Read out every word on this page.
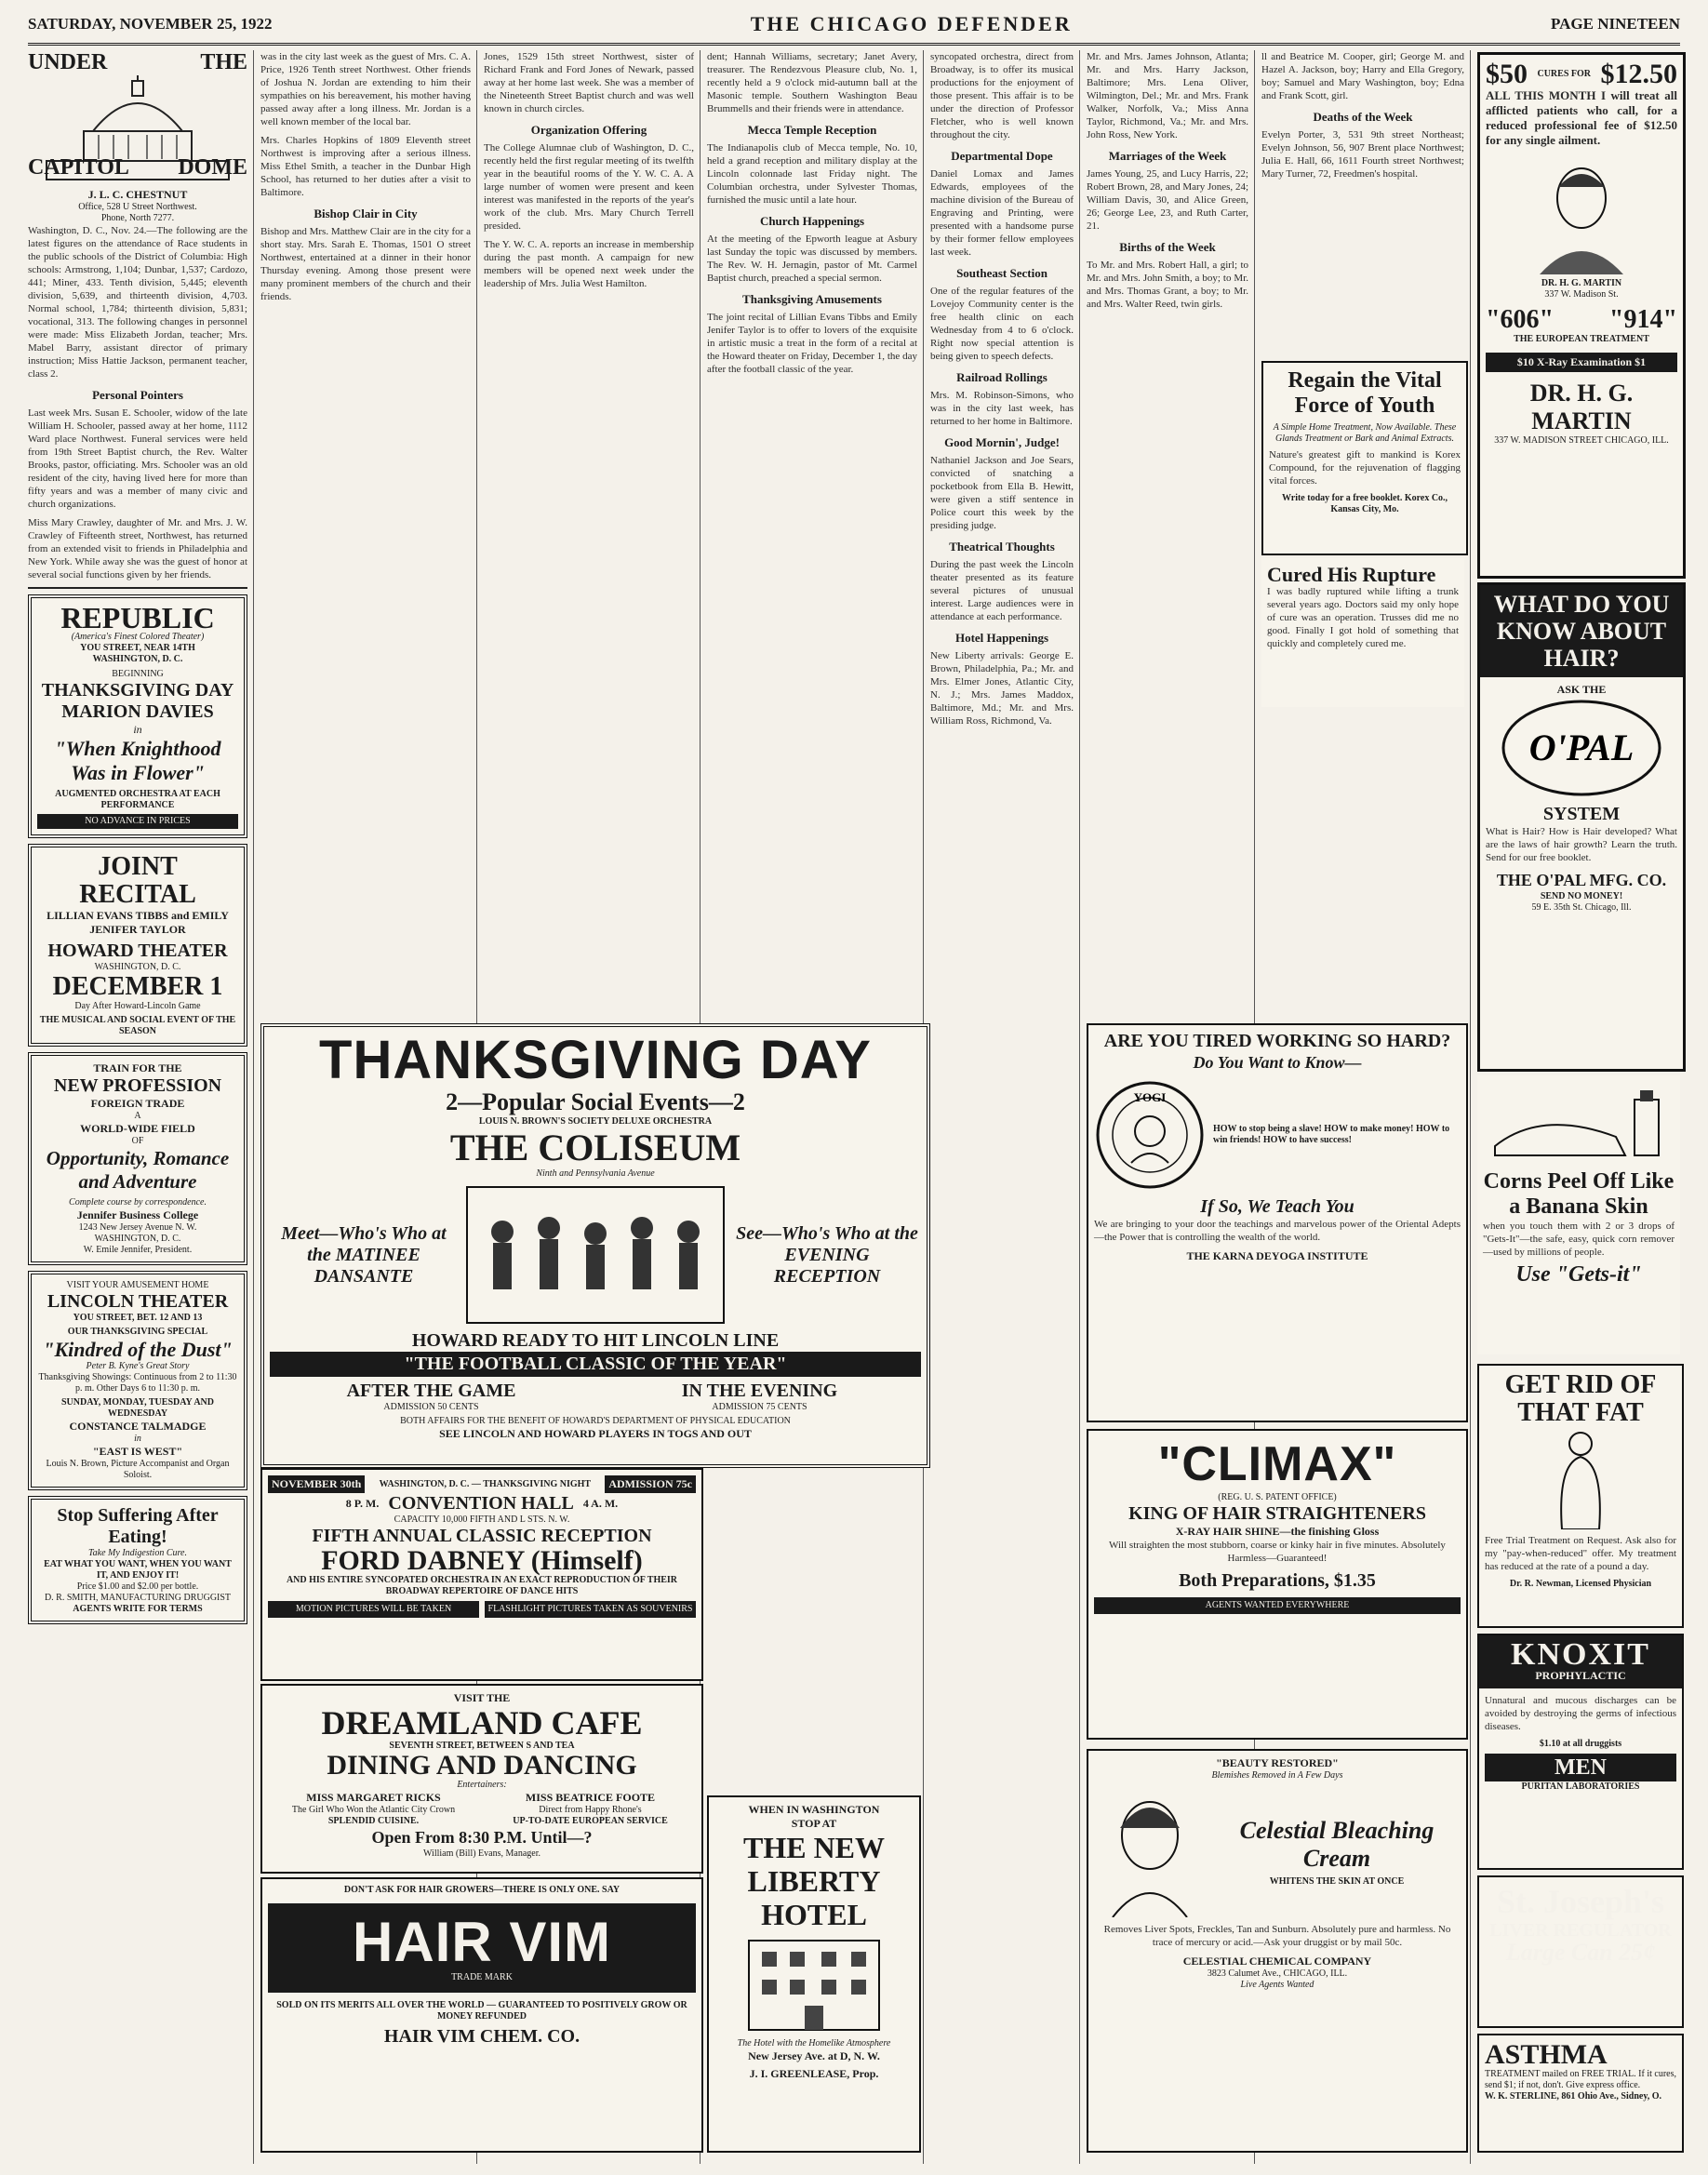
SATURDAY, NOVEMBER 25, 1922	THE CHICAGO DEFENDER	PAGE NINETEEN
UNDER	THE
CAPITOL DOME
J. L. C. CHESTNUT
Office, 528 U Street Northwest.
Phone, North 7277.

Washington, D. C., Nov. 24.—The following are the latest figures on the attendance of Race students in the public schools of the District of Columbia: High schools: Armstrong, 1,104; Dunbar, 1,537; Cardozo, 441; Miner, 433. Tenth division, 5,445; eleventh division, 5,639, and thirteenth division, 4,703. Normal school, 1,784; thirteenth division, 5,831; vocational, 313. The following changes in personnel were made: Miss Elizabeth Jordan, teacher; Mrs. Mabel Barry, assistant director of primary instruction; Miss Hattie Jackson, permanent teacher, class 2.

Personal Pointers

Last week Mrs. Susan E. Schooler, widow of the late William H. Schooler, passed away at her home, 1112 Ward place Northwest. Funeral services were held from 19th Street Baptist church, the Rev. Walter Brooks, pastor, officiating. Mrs. Schooler was an old resident of the city, having lived here for more than fifty years and was a member of many civic and church organizations.

Miss Mary Crawley, daughter of Mr. and Mrs. J. W. Crawley of Fifteenth street, Northwest, has returned from an extended visit to friends in Philadelphia and New York. While away she was the guest of honor at several social functions given by her friends.

REPUBLIC
(America's Finest Colored Theater)
YOU STREET, NEAR 14TH
WASHINGTON, D. C.
BEGINNING
THANKSGIVING DAY
MARION DAVIES
in
"When Knighthood Was in Flower"
AUGMENTED ORCHESTRA AT EACH PERFORMANCE
NO ADVANCE IN PRICES
JOINT RECITAL
LILLIAN EVANS TIBBS and EMILY JENIFER TAYLOR
HOWARD THEATER
WASHINGTON, D. C.
DECEMBER 1
Day After Howard-Lincoln Game
THE MUSICAL AND SOCIAL EVENT OF THE SEASON
TRAIN FOR THE
NEW PROFESSION
FOREIGN TRADE
A
WORLD-WIDE FIELD
OF
Opportunity, Romance and Adventure
Complete course by correspondence.
Jennifer Business College
1243 New Jersey Avenue N. W.
WASHINGTON, D. C.
W. Emile Jennifer, President.
VISIT YOUR AMUSEMENT HOME
LINCOLN THEATER
YOU STREET, BET. 12 AND 13
OUR THANKSGIVING SPECIAL
"Kindred of the Dust"
Peter B. Kyne's Great Story
Thanksgiving Showings: Continuous from 2 to 11:30 p. m. Other Days 6 to 11:30 p. m.
SUNDAY, MONDAY, TUESDAY AND WEDNESDAY
CONSTANCE TALMADGE
in
"EAST IS WEST"
Louis N. Brown, Picture Accompanist and Organ Soloist.
Stop Suffering After Eating!
Take My Indigestion Cure.
EAT WHAT YOU WANT, WHEN YOU WANT IT, AND ENJOY IT!
Price $1.00 and $2.00 per bottle.
D. R. SMITH, MANUFACTURING DRUGGIST
AGENTS WRITE FOR TERMS

was in the city last week as the guest of Mrs. C. A. Price, 1926 Tenth street Northwest. Other friends of Joshua N. Jordan are extending to him their sympathies on his bereavement, his mother having passed away after a long illness. Mr. Jordan is a well known member of the local bar.

Mrs. Charles Hopkins of 1809 Eleventh street Northwest is improving after a serious illness. Miss Ethel Smith, a teacher in the Dunbar High School, has returned to her duties after a visit to Baltimore.

Bishop Clair in City

Bishop and Mrs. Matthew Clair are in the city for a short stay. Mrs. Sarah E. Thomas, 1501 O street Northwest, entertained at a dinner in their honor Thursday evening. Among those present were many prominent members of the church and their friends.

Jones, 1529 15th street Northwest, sister of Richard Frank and Ford Jones of Newark, passed away at her home last week. She was a member of the Nineteenth Street Baptist church and was well known in church circles.

Organization Offering

The College Alumnae club of Washington, D. C., recently held the first regular meeting of its twelfth year in the beautiful rooms of the Y. W. C. A. A large number of women were present and keen interest was manifested in the reports of the year's work of the club. Mrs. Mary Church Terrell presided.

The Y. W. C. A. reports an increase in membership during the past month. A campaign for new members will be opened next week under the leadership of Mrs. Julia West Hamilton.

dent; Hannah Williams, secretary; Janet Avery, treasurer. The Rendezvous Pleasure club, No. 1, recently held a 9 o'clock mid-autumn ball at the Masonic temple. Southern Washington Beau Brummells and their friends were in attendance.

Mecca Temple Reception

The Indianapolis club of Mecca temple, No. 10, held a grand reception and military display at the Lincoln colonnade last Friday night. The Columbian orchestra, under Sylvester Thomas, furnished the music until a late hour.

Church Happenings

At the meeting of the Epworth league at Asbury last Sunday the topic was discussed by members. The Rev. W. H. Jernagin, pastor of Mt. Carmel Baptist church, preached a special sermon.

Thanksgiving Amusements

The joint recital of Lillian Evans Tibbs and Emily Jenifer Taylor is to offer to lovers of the exquisite in artistic music a treat in the form of a recital at the Howard theater on Friday, December 1, the day after the football classic of the year.

syncopated orchestra, direct from Broadway, is to offer its musical productions for the enjoyment of those present. This affair is to be under the direction of Professor Fletcher, who is well known throughout the city.

Departmental Dope

Daniel Lomax and James Edwards, employees of the machine division of the Bureau of Engraving and Printing, were presented with a handsome purse by their former fellow employees last week.

Southeast Section

One of the regular features of the Lovejoy Community center is the free health clinic on each Wednesday from 4 to 6 o'clock. Right now special attention is being given to speech defects.

Railroad Rollings

Mrs. M. Robinson-Simons, who was in the city last week, has returned to her home in Baltimore.

Good Mornin', Judge!

Nathaniel Jackson and Joe Sears, convicted of snatching a pocketbook from Ella B. Hewitt, were given a stiff sentence in Police court this week by the presiding judge.

Theatrical Thoughts

During the past week the Lincoln theater presented as its feature several pictures of unusual interest. Large audiences were in attendance at each performance.

Hotel Happenings

New Liberty arrivals: George E. Brown, Philadelphia, Pa.; Mr. and Mrs. Elmer Jones, Atlantic City, N. J.; Mrs. James Maddox, Baltimore, Md.; Mr. and Mrs. William Ross, Richmond, Va.

Mr. and Mrs. James Johnson, Atlanta; Mr. and Mrs. Harry Jackson, Baltimore; Mrs. Lena Oliver, Wilmington, Del.; Mr. and Mrs. Frank Walker, Norfolk, Va.; Miss Anna Taylor, Richmond, Va.; Mr. and Mrs. John Ross, New York.

Marriages of the Week

James Young, 25, and Lucy Harris, 22; Robert Brown, 28, and Mary Jones, 24; William Davis, 30, and Alice Green, 26; George Lee, 23, and Ruth Carter, 21.

Births of the Week

To Mr. and Mrs. Robert Hall, a girl; to Mr. and Mrs. John Smith, a boy; to Mr. and Mrs. Thomas Grant, a boy; to Mr. and Mrs. Walter Reed, twin girls.

ll and Beatrice M. Cooper, girl; George M. and Hazel A. Jackson, boy; Harry and Ella Gregory, boy; Samuel and Mary Washington, boy; Edna and Frank Scott, girl.

Deaths of the Week

Evelyn Porter, 3, 531 9th street Northeast; Evelyn Johnson, 56, 907 Brent place Northwest; Julia E. Hall, 66, 1611 Fourth street Northwest; Mary Turner, 72, Freedmen's hospital.

Regain the Vital Force of Youth
A Simple Home Treatment, Now Available. These Glands Treatment or Bark and Animal Extracts.

Nature's greatest gift to mankind is Korex Compound, for the rejuvenation of flagging vital forces.

Write today for a free booklet. Korex Co., Kansas City, Mo.
Cured His Rupture

I was badly ruptured while lifting a trunk several years ago. Doctors said my only hope of cure was an operation. Trusses did me no good. Finally I got hold of something that quickly and completely cured me.

ARE YOU TIRED WORKING SO HARD?
Do You Want to Know—
YOGI
HOW to stop being a slave! HOW to make money! HOW to win friends! HOW to have success!
If So, We Teach You

We are bringing to your door the teachings and marvelous power of the Oriental Adepts—the Power that is controlling the wealth of the world.

THE KARNA DEYOGA INSTITUTE
"CLIMAX"
(REG. U. S. PATENT OFFICE)
KING OF HAIR STRAIGHTENERS
X-RAY HAIR SHINE—the finishing Gloss

Will straighten the most stubborn, coarse or kinky hair in five minutes. Absolutely Harmless—Guaranteed!

Both Preparations, $1.35
AGENTS WANTED EVERYWHERE
"BEAUTY RESTORED"
Blemishes Removed in A Few Days
Celestial Bleaching Cream
WHITENS THE SKIN AT ONCE

Removes Liver Spots, Freckles, Tan and Sunburn. Absolutely pure and harmless. No trace of mercury or acid.—Ask your druggist or by mail 50c.

CELESTIAL CHEMICAL COMPANY
3823 Calumet Ave., CHICAGO, ILL.
Live Agents Wanted
THANKSGIVING DAY
2—Popular Social Events—2
LOUIS N. BROWN'S SOCIETY DELUXE ORCHESTRA
THE COLISEUM
Ninth and Pennsylvania Avenue
Meet—Who's Who at the MATINEE DANSANTE
See—Who's Who at the EVENING RECEPTION
HOWARD READY TO HIT LINCOLN LINE
"THE FOOTBALL CLASSIC OF THE YEAR"
AFTER THE GAME
ADMISSION 50 CENTS
IN THE EVENING
ADMISSION 75 CENTS
BOTH AFFAIRS FOR THE BENEFIT OF HOWARD'S DEPARTMENT OF PHYSICAL EDUCATION
SEE LINCOLN AND HOWARD PLAYERS IN TOGS AND OUT
NOVEMBER 30th	WASHINGTON, D. C. — THANKSGIVING NIGHT	ADMISSION 75c
8 P. M. CONVENTION HALL 4 A. M.
CAPACITY 10,000 FIFTH AND L STS. N. W.
FIFTH ANNUAL CLASSIC RECEPTION
FORD DABNEY (Himself)
AND HIS ENTIRE SYNCOPATED ORCHESTRA IN AN EXACT REPRODUCTION OF THEIR BROADWAY REPERTOIRE OF DANCE HITS
MOTION PICTURES WILL BE TAKEN	FLASHLIGHT PICTURES TAKEN AS SOUVENIRS
VISIT THE
DREAMLAND CAFE
SEVENTH STREET, BETWEEN S AND TEA
DINING AND DANCING
Entertainers:
MISS MARGARET RICKS
The Girl Who Won the Atlantic City Crown
MISS BEATRICE FOOTE
Direct from Happy Rhone's
SPLENDID CUISINE.	UP-TO-DATE EUROPEAN SERVICE
Open From 8:30 P.M. Until—?
William (Bill) Evans, Manager.
DON'T ASK FOR HAIR GROWERS—THERE IS ONLY ONE. SAY
HAIR VIM
TRADE MARK
SOLD ON ITS MERITS ALL OVER THE WORLD — GUARANTEED TO POSITIVELY GROW OR MONEY REFUNDED
HAIR VIM CHEM. CO.
WHEN IN WASHINGTON
STOP AT
THE NEW LIBERTY HOTEL
The Hotel with the Homelike Atmosphere
New Jersey Ave. at D, N. W.
J. I. GREENLEASE, Prop.
$50 CURES FOR $12.50

ALL THIS MONTH I will treat all afflicted patients who call, for a reduced professional fee of $12.50 for any single ailment.

DR. H. G. MARTIN
337 W. Madison St.
"606" "914"
THE EUROPEAN TREATMENT
$10 X-Ray Examination $1
DR. H. G. MARTIN
337 W. MADISON STREET CHICAGO, ILL.
WHAT DO YOU KNOW ABOUT HAIR?
ASK THE
O'PAL
SYSTEM

What is Hair? How is Hair developed? What are the laws of hair growth? Learn the truth. Send for our free booklet.

THE O'PAL MFG. CO.
SEND NO MONEY!
59 E. 35th St. Chicago, Ill.
Corns Peel Off Like a Banana Skin

when you touch them with 2 or 3 drops of "Gets-It"—the safe, easy, quick corn remover—used by millions of people.

Use "Gets-it"
GET RID OF THAT FAT

Free Trial Treatment on Request. Ask also for my "pay-when-reduced" offer. My treatment has reduced at the rate of a pound a day.

Dr. R. Newman, Licensed Physician
KNOXIT
PROPHYLACTIC

Unnatural and mucous discharges can be avoided by destroying the germs of infectious diseases.

$1.10 at all druggists
MEN
PURITAN LABORATORIES
St. Joseph's
LIVER REGULATOR
Large Can 25¢
ASTHMA
TREATMENT mailed on FREE TRIAL. If it cures, send $1; if not, don't. Give express office.
W. K. STERLINE, 861 Ohio Ave., Sidney, O.
